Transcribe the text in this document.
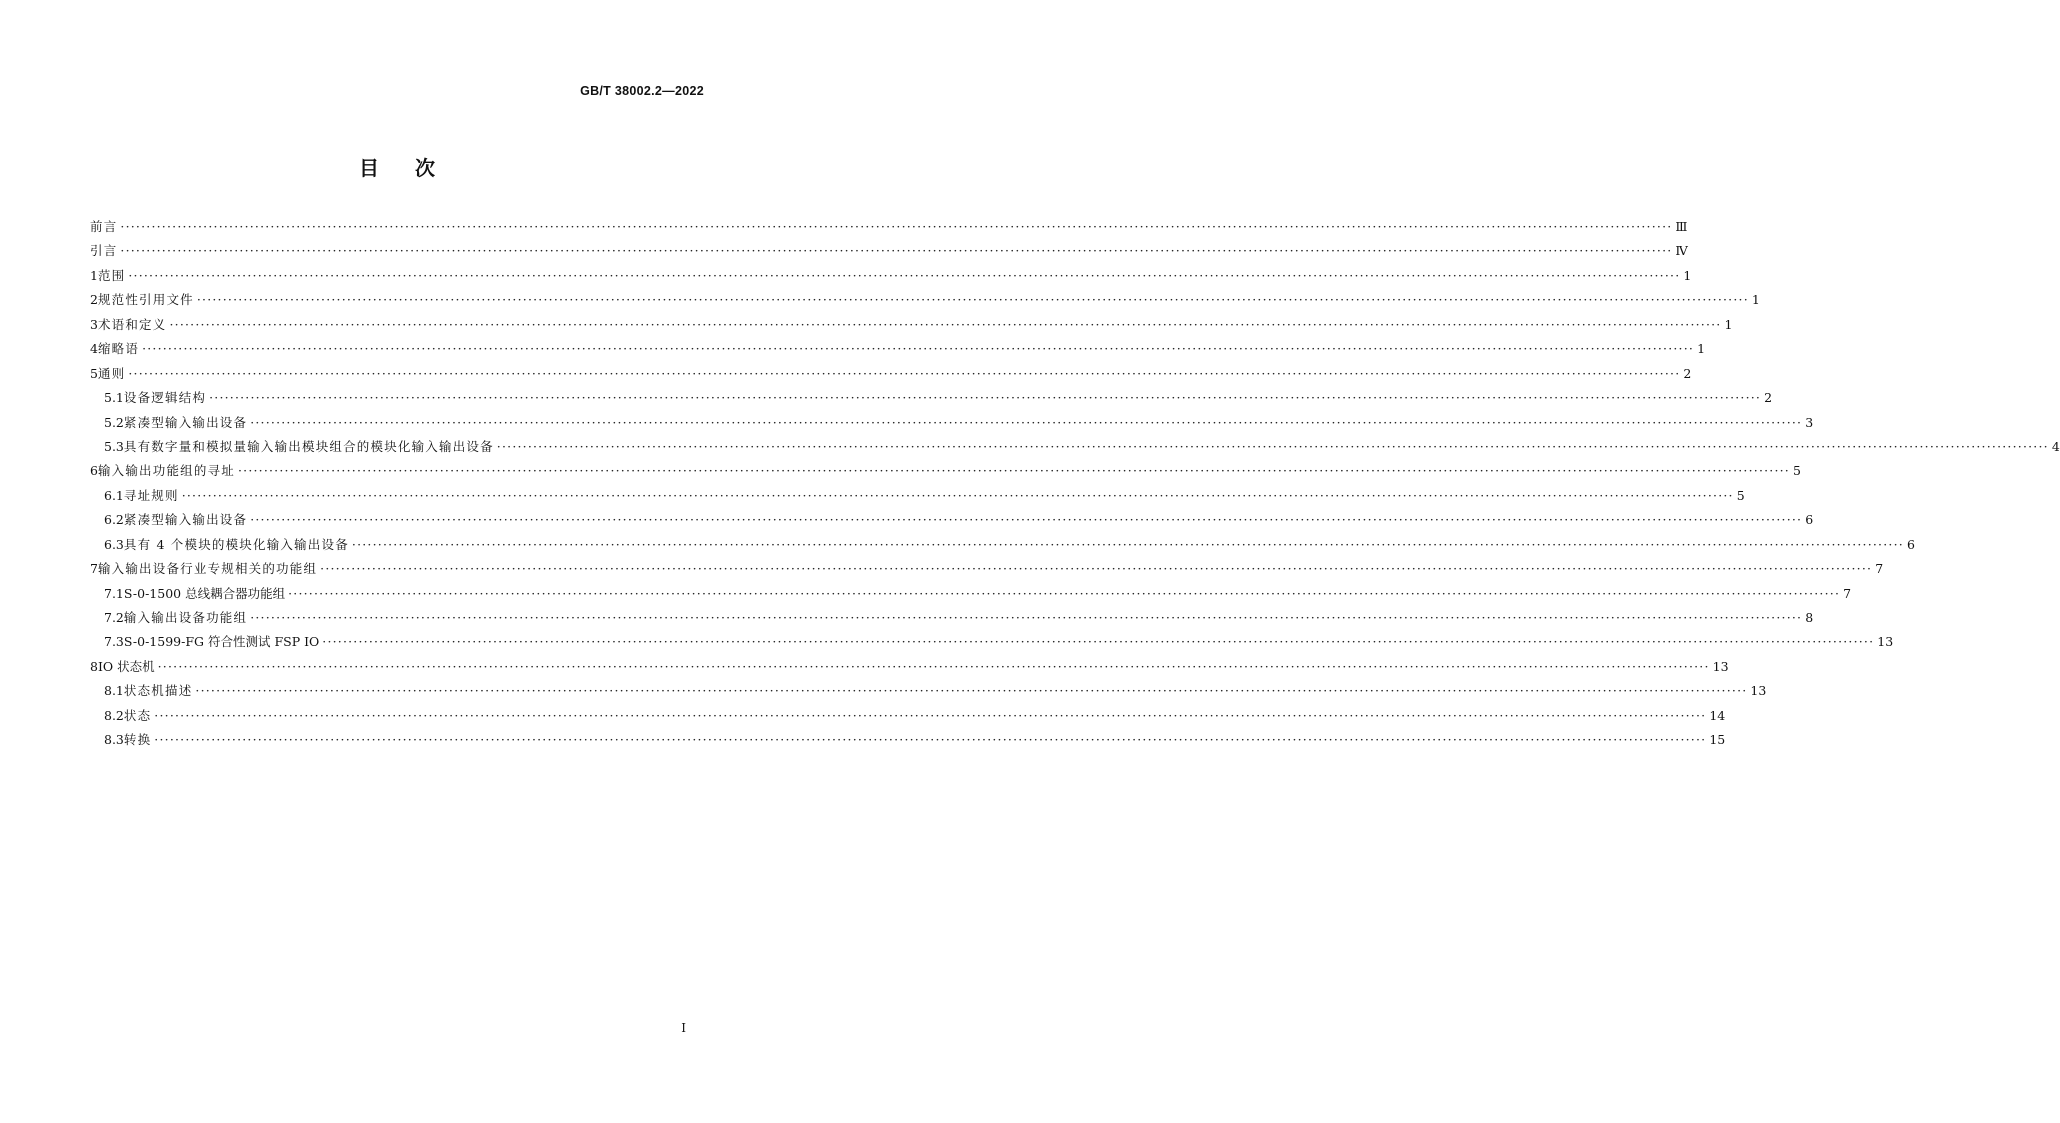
GB/T 38002.2—2022
目次
前言 ············································································································································································································································································································ Ⅲ
引言 ············································································································································································································································································································ Ⅳ
1 范围 ············································································································································································································································································································ 1
2 规范性引用文件 ············································································································································································································································································································ 1
3 术语和定义 ············································································································································································································································································································ 1
4 缩略语 ············································································································································································································································································································ 1
5 通则 ············································································································································································································································································································ 2
5.1 设备逻辑结构 ············································································································································································································································································································ 2
5.2 紧凑型输入输出设备 ············································································································································································································································································································ 3
5.3 具有数字量和模拟量输入输出模块组合的模块化输入输出设备 ············································································································································································································································································································ 4
6 输入输出功能组的寻址 ············································································································································································································································································································ 5
6.1 寻址规则 ············································································································································································································································································································ 5
6.2 紧凑型输入输出设备 ············································································································································································································································································································ 6
6.3 具有 4 个模块的模块化输入输出设备 ············································································································································································································································································································ 6
7 输入输出设备行业专规相关的功能组 ············································································································································································································································································································ 7
7.1 S-0-1500 总线耦合器功能组 ············································································································································································································································································································ 7
7.2 输入输出设备功能组 ············································································································································································································································································································ 8
7.3 S-0-1599-FG 符合性测试 FSP IO ············································································································································································································································································································ 13
8 IO 状态机 ············································································································································································································································································································ 13
8.1 状态机描述 ············································································································································································································································································································ 13
8.2 状态 ············································································································································································································································································································ 14
8.3 转换 ············································································································································································································································································································ 15
I
